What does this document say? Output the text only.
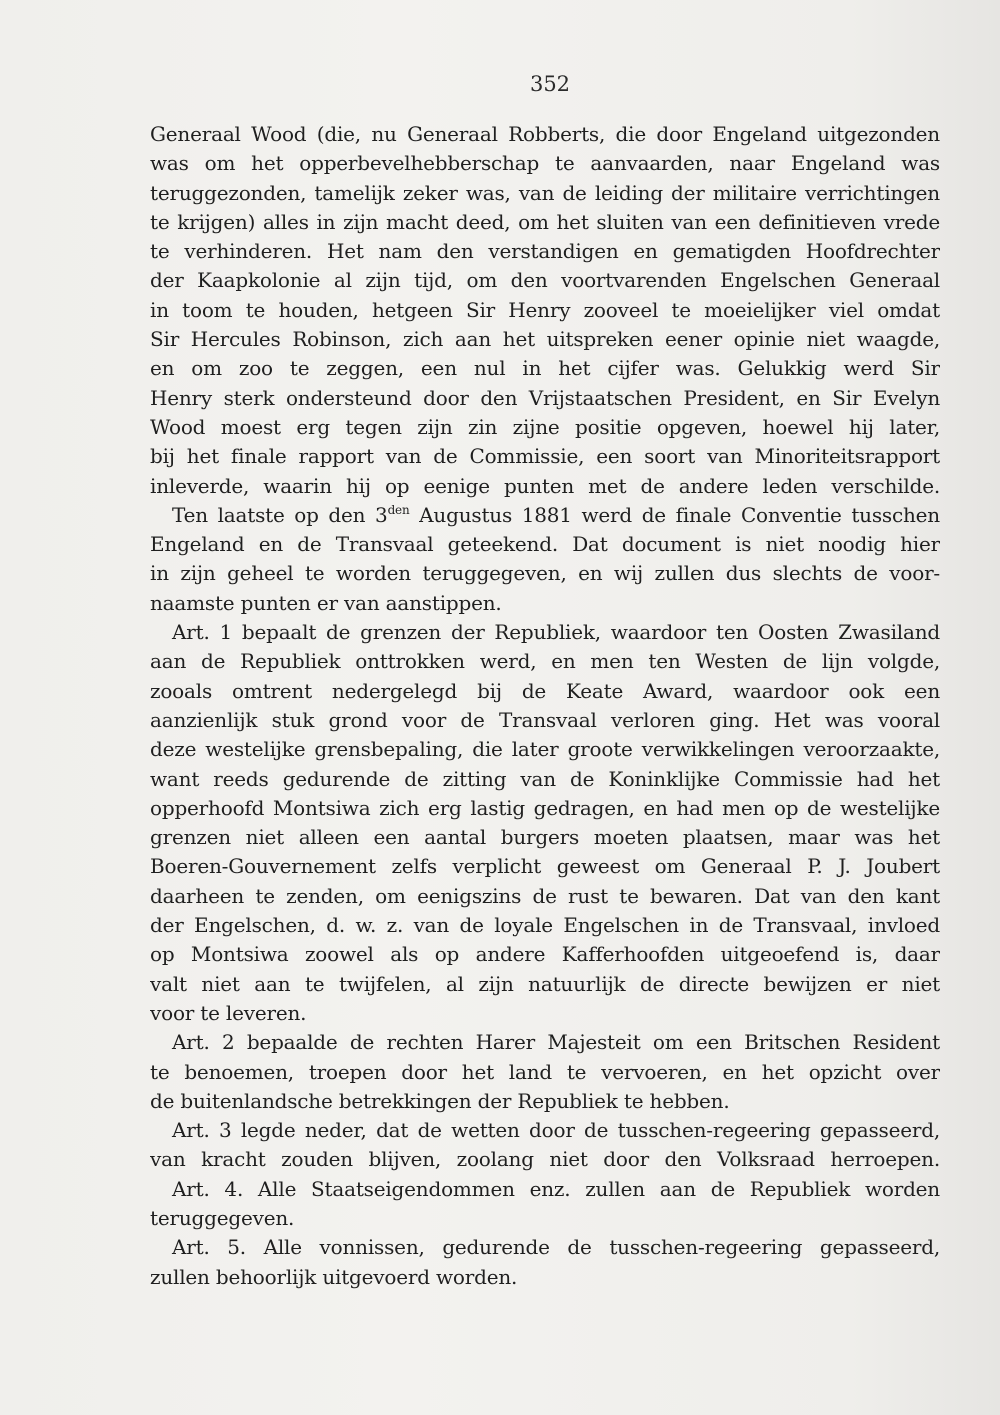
352
Generaal Wood (die, nu Generaal Robberts, die door Engeland uitgezonden
was om het opperbevelhebberschap te aanvaarden, naar Engeland was
teruggezonden, tamelijk zeker was, van de leiding der militaire verrichtingen
te krijgen) alles in zijn macht deed, om het sluiten van een definitieven vrede
te verhinderen. Het nam den verstandigen en gematigden Hoofdrechter
der Kaapkolonie al zijn tijd, om den voortvarenden Engelschen Generaal
in toom te houden, hetgeen Sir Henry zooveel te moeielijker viel omdat
Sir Hercules Robinson, zich aan het uitspreken eener opinie niet waagde,
en om zoo te zeggen, een nul in het cijfer was. Gelukkig werd Sir
Henry sterk ondersteund door den Vrijstaatschen President, en Sir Evelyn
Wood moest erg tegen zijn zin zijne positie opgeven, hoewel hij later,
bij het finale rapport van de Commissie, een soort van Minoriteitsrapport
inleverde, waarin hij op eenige punten met de andere leden verschilde.
Ten laatste op den $3^{den}$ Augustus 1881 werd de finale Conventie tusschen
Engeland en de Transvaal geteekend. Dat document is niet noodig hier
in zijn geheel te worden teruggegeven, en wij zullen dus slechts de voor-
naamste punten er van aanstippen.
Art. 1 bepaalt de grenzen der Republiek, waardoor ten Oosten Zwasiland
aan de Republiek onttrokken werd, en men ten Westen de lijn volgde,
zooals omtrent nedergelegd bij de Keate Award, waardoor ook een
aanzienlijk stuk grond voor de Transvaal verloren ging. Het was vooral
deze westelijke grensbepaling, die later groote verwikkelingen veroorzaakte,
want reeds gedurende de zitting van de Koninklijke Commissie had het
opperhoofd Montsiwa zich erg lastig gedragen, en had men op de westelijke
grenzen niet alleen een aantal burgers moeten plaatsen, maar was het
Boeren-Gouvernement zelfs verplicht geweest om Generaal P. J. Joubert
daarheen te zenden, om eenigszins de rust te bewaren. Dat van den kant
der Engelschen, d. w. z. van de loyale Engelschen in de Transvaal, invloed
op Montsiwa zoowel als op andere Kafferhoofden uitgeoefend is, daar
valt niet aan te twijfelen, al zijn natuurlijk de directe bewijzen er niet
voor te leveren.
Art. 2 bepaalde de rechten Harer Majesteit om een Britschen Resident
te benoemen, troepen door het land te vervoeren, en het opzicht over
de buitenlandsche betrekkingen der Republiek te hebben.
Art. 3 legde neder, dat de wetten door de tusschen-regeering gepasseerd,
van kracht zouden blijven, zoolang niet door den Volksraad herroepen.
Art. 4. Alle Staatseigendommen enz. zullen aan de Republiek worden
teruggegeven.
Art. 5. Alle vonnissen, gedurende de tusschen-regeering gepasseerd,
zullen behoorlijk uitgevoerd worden.
